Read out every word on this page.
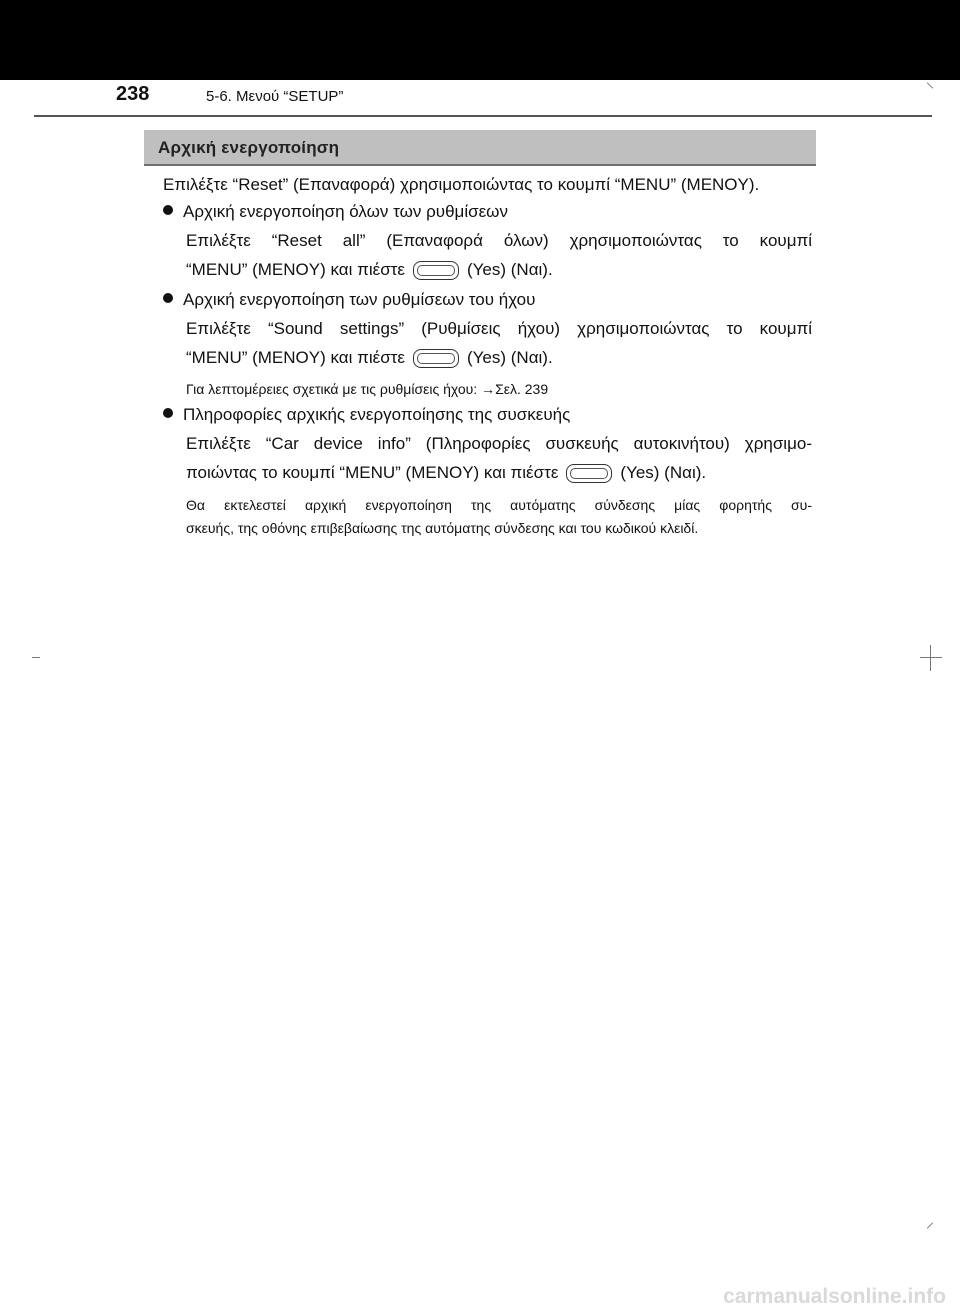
238	5-6. Μενού “SETUP”
Αρχική ενεργοποίηση
Επιλέξτε “Reset” (Επαναφορά) χρησιμοποιώντας το κουμπί “MENU” (MENOY).
Αρχική ενεργοποίηση όλων των ρυθμίσεων
Επιλέξτε “Reset all” (Επαναφορά όλων) χρησιμοποιώντας το κουμπί
“MENU” (MENOY) και πιέστε	(Yes) (Ναι).
Αρχική ενεργοποίηση των ρυθμίσεων του ήχου
Επιλέξτε “Sound settings” (Ρυθμίσεις ήχου) χρησιμοποιώντας το κουμπί
“MENU” (MENOY) και πιέστε	(Yes) (Ναι).
Για λεπτομέρειες σχετικά με τις ρυθμίσεις ήχου: →Σελ. 239
Πληροφορίες αρχικής ενεργοποίησης της συσκευής
Επιλέξτε “Car device info” (Πληροφορίες συσκευής αυτοκινήτου) χρησιμο-
ποιώντας το κουμπί “MENU” (MENOY) και πιέστε	(Yes) (Ναι).
Θα εκτελεστεί αρχική ενεργοποίηση της αυτόματης σύνδεσης μίας φορητής συ-
σκευής, της οθόνης επιβεβαίωσης της αυτόματης σύνδεσης και του κωδικού κλειδί.
carmanualsonline.info
